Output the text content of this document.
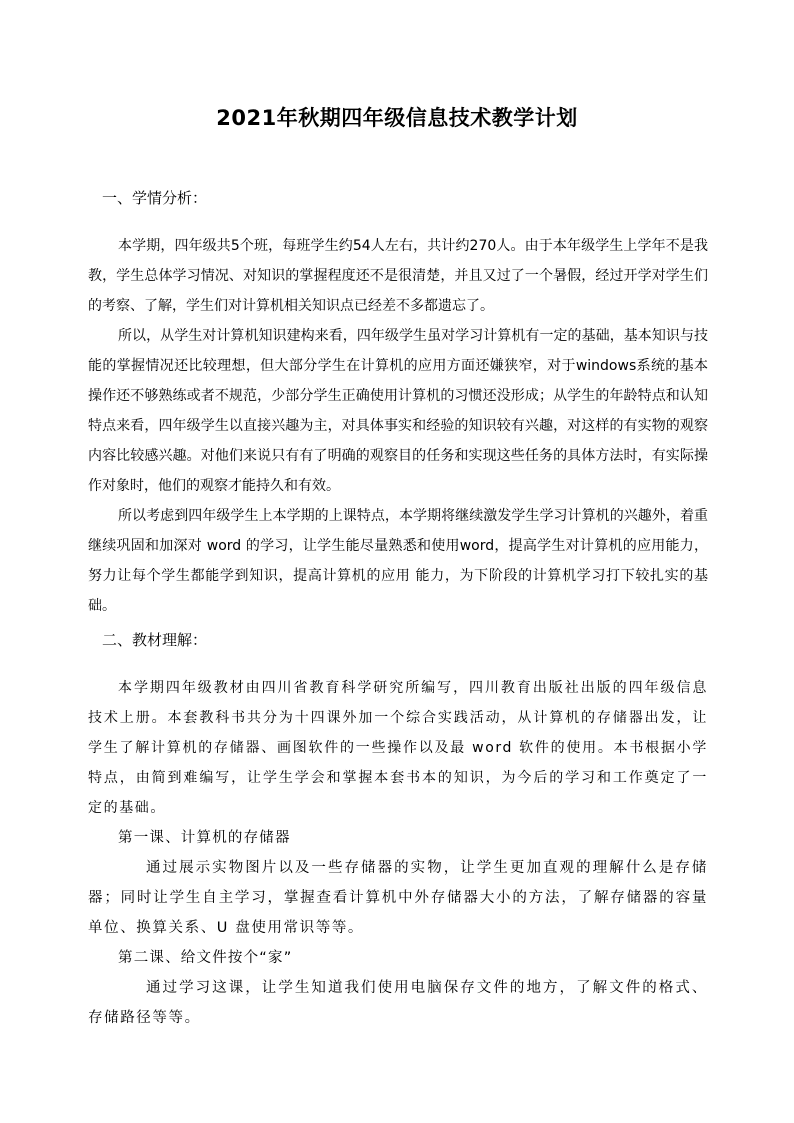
2021年秋期四年级信息技术教学计划

一、学情分析：

本学期，四年级共5个班，每班学生约54人左右，共计约270人。由于本年级学生上学年不是我教，学生总体学习情况、对知识的掌握程度还不是很清楚，并且又过了一个暑假，经过开学对学生们的考察、了解，学生们对计算机相关知识点已经差不多都遗忘了。

所以，从学生对计算机知识建构来看，四年级学生虽对学习计算机有一定的基础，基本知识与技能的掌握情况还比较理想，但大部分学生在计算机的应用方面还嫌狭窄，对于windows系统的基本操作还不够熟练或者不规范，少部分学生正确使用计算机的习惯还没形成；从学生的年龄特点和认知特点来看，四年级学生以直接兴趣为主，对具体事实和经验的知识较有兴趣，对这样的有实物的观察内容比较感兴趣。对他们来说只有有了明确的观察目的任务和实现这些任务的具体方法时，有实际操作对象时，他们的观察才能持久和有效。

所以考虑到四年级学生上本学期的上课特点，本学期将继续激发学生学习计算机的兴趣外，着重继续巩固和加深对 word 的学习，让学生能尽量熟悉和使用word，提高学生对计算机的应用能力，努力让每个学生都能学到知识，提高计算机的应用 能力，为下阶段的计算机学习打下较扎实的基础。

二、教材理解：

本学期四年级教材由四川省教育科学研究所编写，四川教育出版社出版的四年级信息技术上册。本套教科书共分为十四课外加一个综合实践活动，从计算机的存储器出发，让学生了解计算机的存储器、画图软件的一些操作以及最 word 软件的使用。本书根据小学特点，由简到难编写，让学生学会和掌握本套书本的知识，为今后的学习和工作奠定了一定的基础。

第一课、计算机的存储器

通过展示实物图片以及一些存储器的实物，让学生更加直观的理解什么是存储器；同时让学生自主学习，掌握查看计算机中外存储器大小的方法，了解存储器的容量单位、换算关系、U 盘使用常识等等。

第二课、给文件按个“家”

通过学习这课，让学生知道我们使用电脑保存文件的地方，了解文件的格式、存储路径等等。
